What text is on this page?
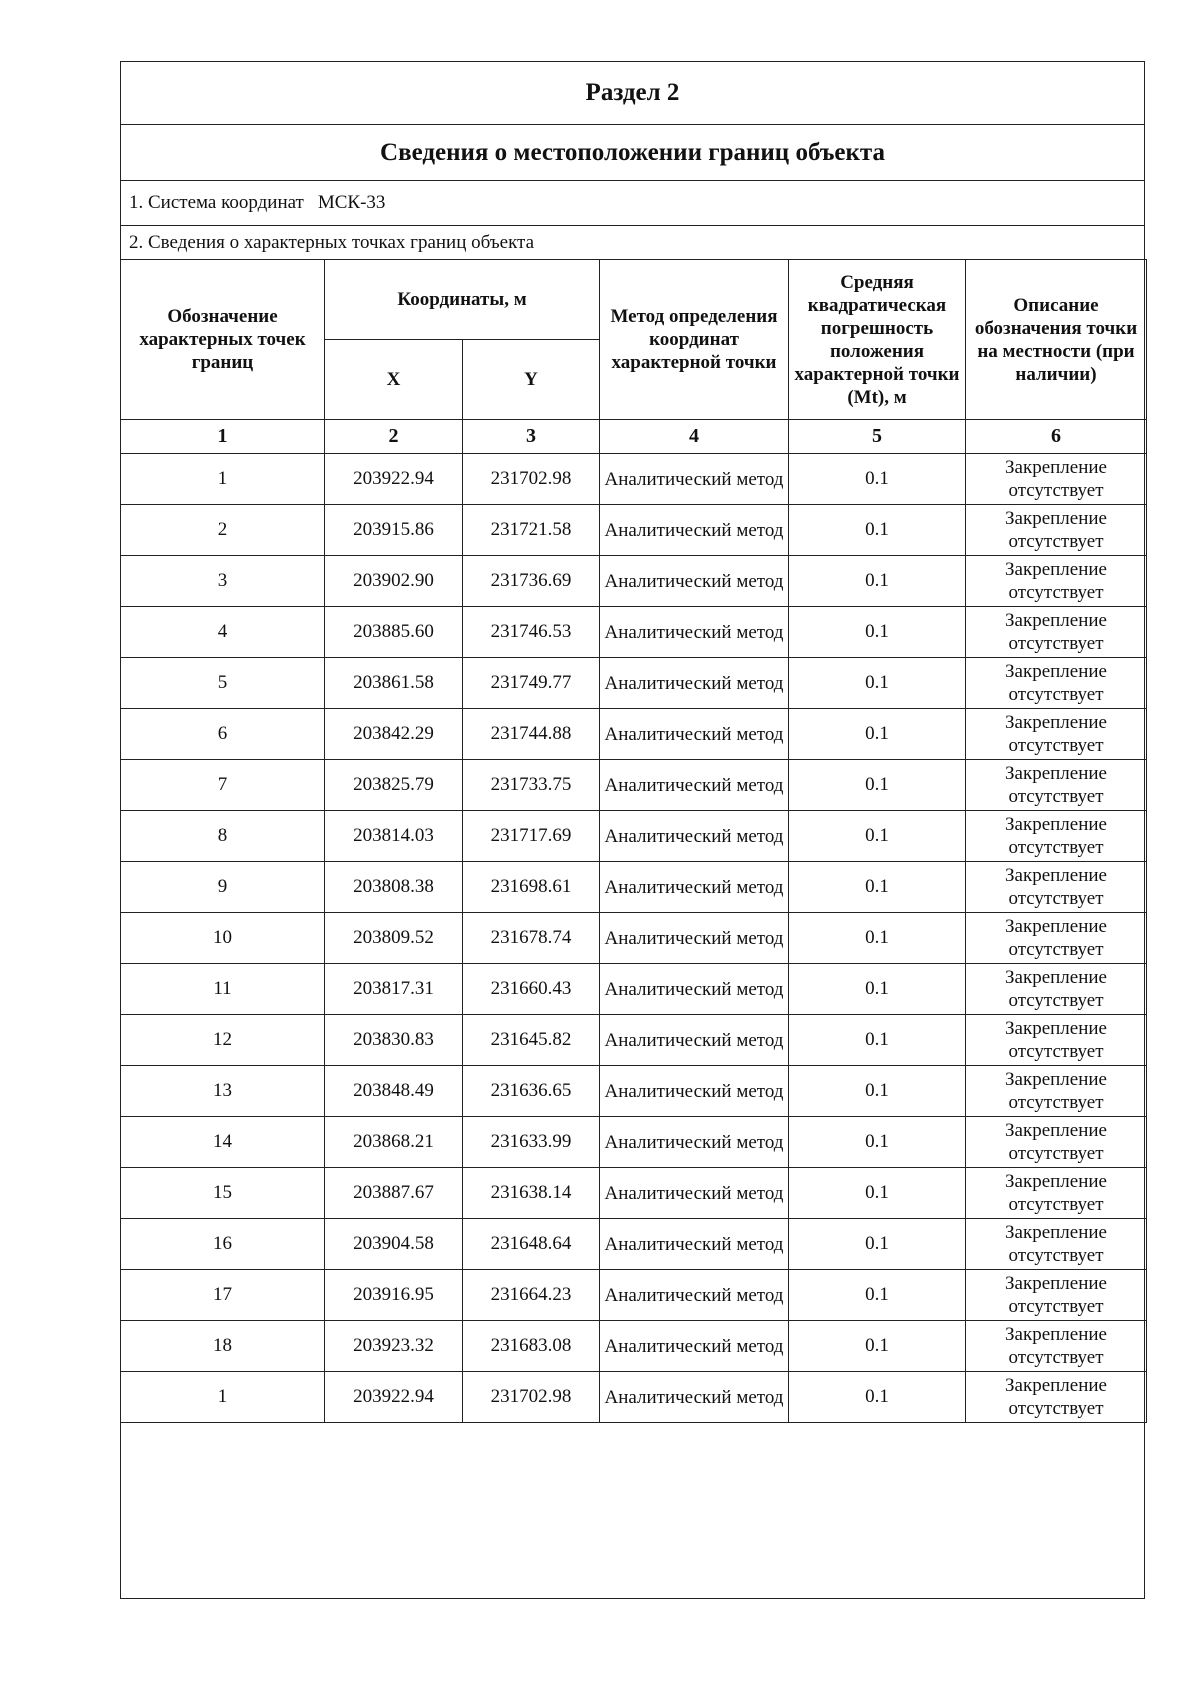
Раздел 2
Сведения о местоположении границ объекта
1. Система координат МСК-33
2. Сведения о характерных точках границ объекта
Обозначение характерных точек границ	Координаты, м		Метод определения координат характерной точки	Средняя квадратическая погрешность положения характерной точки (Mt), м	Описание обозначения точки на местности (при наличии)
	X	Y			
1	2	3	4	5	6
1	203922.94	231702.98	Аналитический метод	0.1	Закрепление отсутствует
2	203915.86	231721.58	Аналитический метод	0.1	Закрепление отсутствует
3	203902.90	231736.69	Аналитический метод	0.1	Закрепление отсутствует
4	203885.60	231746.53	Аналитический метод	0.1	Закрепление отсутствует
5	203861.58	231749.77	Аналитический метод	0.1	Закрепление отсутствует
6	203842.29	231744.88	Аналитический метод	0.1	Закрепление отсутствует
7	203825.79	231733.75	Аналитический метод	0.1	Закрепление отсутствует
8	203814.03	231717.69	Аналитический метод	0.1	Закрепление отсутствует
9	203808.38	231698.61	Аналитический метод	0.1	Закрепление отсутствует
10	203809.52	231678.74	Аналитический метод	0.1	Закрепление отсутствует
11	203817.31	231660.43	Аналитический метод	0.1	Закрепление отсутствует
12	203830.83	231645.82	Аналитический метод	0.1	Закрепление отсутствует
13	203848.49	231636.65	Аналитический метод	0.1	Закрепление отсутствует
14	203868.21	231633.99	Аналитический метод	0.1	Закрепление отсутствует
15	203887.67	231638.14	Аналитический метод	0.1	Закрепление отсутствует
16	203904.58	231648.64	Аналитический метод	0.1	Закрепление отсутствует
17	203916.95	231664.23	Аналитический метод	0.1	Закрепление отсутствует
18	203923.32	231683.08	Аналитический метод	0.1	Закрепление отсутствует
1	203922.94	231702.98	Аналитический метод	0.1	Закрепление отсутствует
